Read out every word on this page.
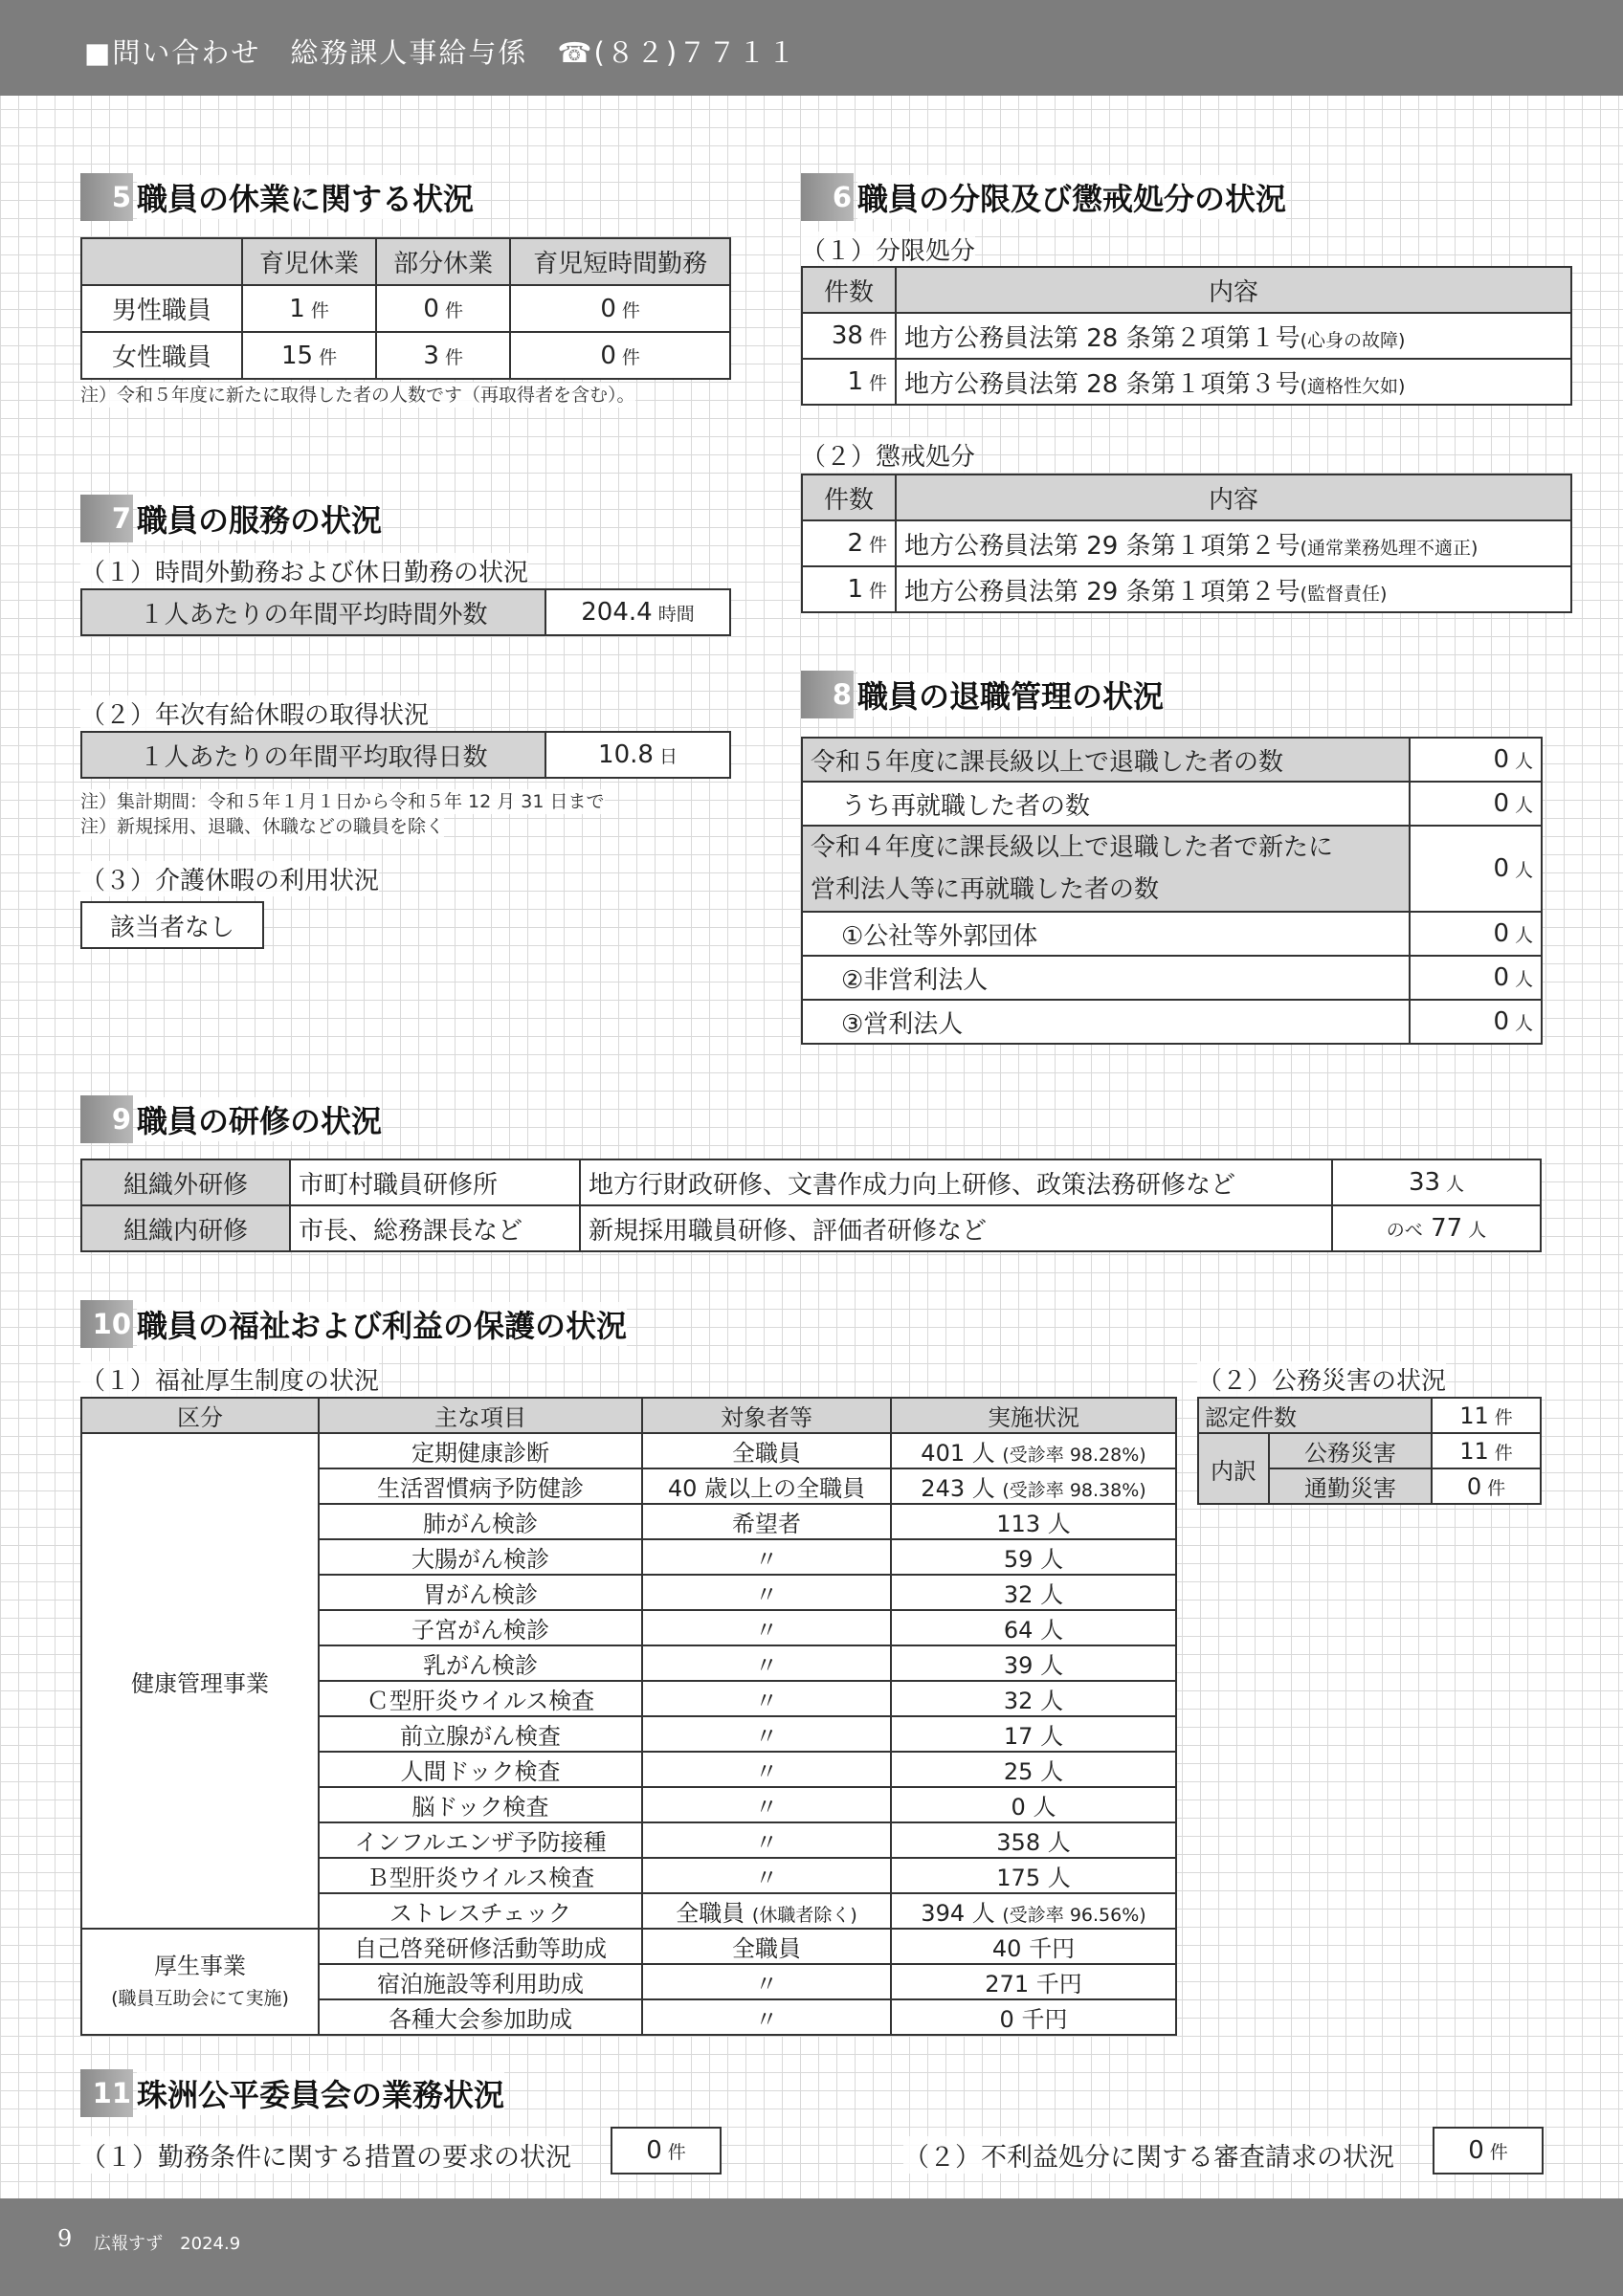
■問い合わせ　総務課人事給与係　☎(８２)７７１１
5 職員の休業に関する状況
	育児休業	部分休業	育児短時間勤務
男性職員	1 件	0 件	0 件
女性職員	15 件	3 件	0 件
注）令和５年度に新たに取得した者の人数です（再取得者を含む）。
6 職員の分限及び懲戒処分の状況
（１）分限処分
件数	内容
38 件	地方公務員法第 28 条第２項第１号(心身の故障)
1 件	地方公務員法第 28 条第１項第３号(適格性欠如)
（２）懲戒処分
件数	内容
2 件	地方公務員法第 29 条第１項第２号(通常業務処理不適正)
1 件	地方公務員法第 29 条第１項第２号(監督責任)
7 職員の服務の状況
（１）時間外勤務および休日勤務の状況
１人あたりの年間平均時間外数	204.4 時間
（２）年次有給休暇の取得状況
１人あたりの年間平均取得日数	10.8 日
注）集計期間：令和５年１月１日から令和５年 12 月 31 日まで
注）新規採用、退職、休職などの職員を除く
（３）介護休暇の利用状況
該当者なし
8 職員の退職管理の状況
令和５年度に課長級以上で退職した者の数	0 人
うち再就職した者の数	0 人

令和４年度に課長級以上で退職した者で新たに
営利法人等に再就職した者の数	0 人
①公社等外郭団体	0 人
②非営利法人	0 人
③営利法人	0 人
9 職員の研修の状況
組織外研修	市町村職員研修所	地方行財政研修、文書作成力向上研修、政策法務研修など	33 人
組織内研修	市長、総務課長など	新規採用職員研修、評価者研修など	のべ 77 人
10 職員の福祉および利益の保護の状況
（１）福祉厚生制度の状況
区分	主な項目	対象者等	実施状況
健康管理事業	定期健康診断	全職員	401 人 (受診率 98.28%)
	生活習慣病予防健診	40 歳以上の全職員	243 人 (受診率 98.38%)
	肺がん検診	希望者	113 人
	大腸がん検診	〃	59 人
	胃がん検診	〃	32 人
	子宮がん検診	〃	64 人
	乳がん検診	〃	39 人
	Ｃ型肝炎ウイルス検査	〃	32 人
	前立腺がん検査	〃	17 人
	人間ドック検査	〃	25 人
	脳ドック検査	〃	0 人
	インフルエンザ予防接種	〃	358 人
	Ｂ型肝炎ウイルス検査	〃	175 人
	ストレスチェック	全職員 (休職者除く)	394 人 (受診率 96.56%)

厚生事業
(職員互助会にて実施)	自己啓発研修活動等助成	全職員	40 千円
	宿泊施設等利用助成	〃	271 千円
	各種大会参加助成	〃	0 千円
（２）公務災害の状況
認定件数		11 件
内訳	公務災害	11 件
	通勤災害	0 件
11 珠洲公平委員会の業務状況
（１）勤務条件に関する措置の要求の状況	0 件	（２）不利益処分に関する審査請求の状況	0 件
9 広報すず　2024.9
